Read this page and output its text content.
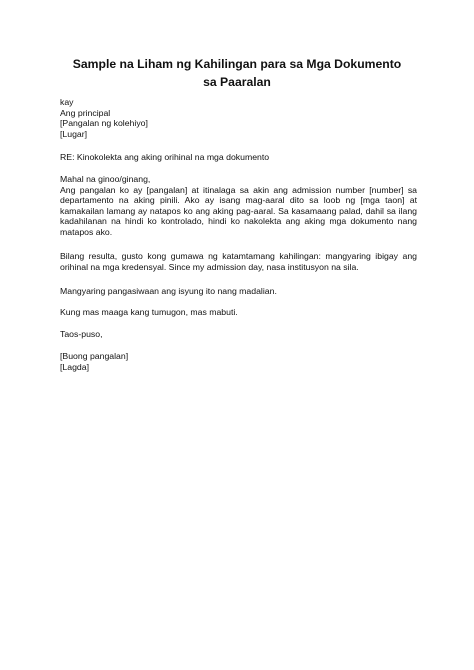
Sample na Liham ng Kahilingan para sa Mga Dokumento
sa Paaralan
kay
Ang principal
[Pangalan ng kolehiyo]
[Lugar]
RE: Kinokolekta ang aking orihinal na mga dokumento

Mahal na ginoo/ginang,

Ang pangalan ko ay [pangalan] at itinalaga sa akin ang admission number [number] sa departamento na aking pinili. Ako ay isang mag-aaral dito sa loob ng [mga taon] at kamakailan lamang ay natapos ko ang aking pag-aaral. Sa kasamaang palad, dahil sa ilang kadahilanan na hindi ko kontrolado, hindi ko nakolekta ang aking mga dokumento nang matapos ako.

Bilang resulta, gusto kong gumawa ng katamtamang kahilingan: mangyaring ibigay ang orihinal na mga kredensyal. Since my admission day, nasa institusyon na sila.

Mangyaring pangasiwaan ang isyung ito nang madalian.
Kung mas maaga kang tumugon, mas mabuti.
Taos-puso,
[Buong pangalan]
[Lagda]
